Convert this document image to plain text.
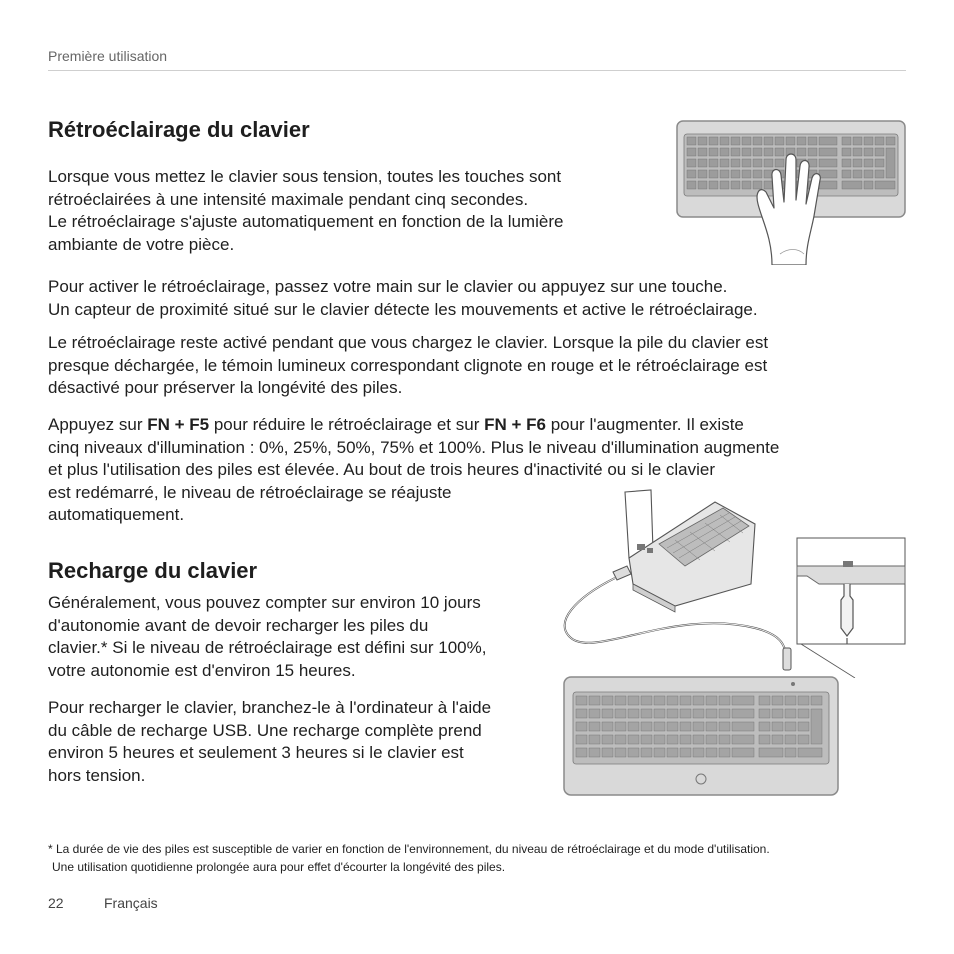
Première utilisation
Rétroéclairage du clavier
Lorsque vous mettez le clavier sous tension, toutes les touches sont
rétroéclairées à une intensité maximale pendant cinq secondes.
Le rétroéclairage s'ajuste automatiquement en fonction de la lumière
ambiante de votre pièce.
Pour activer le rétroéclairage, passez votre main sur le clavier ou appuyez sur une touche.
Un capteur de proximité situé sur le clavier détecte les mouvements et active le rétroéclairage.
Le rétroéclairage reste activé pendant que vous chargez le clavier. Lorsque la pile du clavier est
presque déchargée, le témoin lumineux correspondant clignote en rouge et le rétroéclairage est
désactivé pour préserver la longévité des piles.
Appuyez sur FN + F5 pour réduire le rétroéclairage et sur FN + F6 pour l'augmenter. Il existe
cinq niveaux d'illumination : 0%, 25%, 50%, 75% et 100%. Plus le niveau d'illumination augmente
et plus l'utilisation des piles est élevée. Au bout de trois heures d'inactivité ou si le clavier
est redémarré, le niveau de rétroéclairage se réajuste
automatiquement.
Recharge du clavier
Généralement, vous pouvez compter sur environ 10 jours
d'autonomie avant de devoir recharger les piles du
clavier.* Si le niveau de rétroéclairage est défini sur 100%,
votre autonomie est d'environ 15 heures.
Pour recharger le clavier, branchez-le à l'ordinateur à l'aide
du câble de recharge USB. Une recharge complète prend
environ 5 heures et seulement 3 heures si le clavier est
hors tension.
* La durée de vie des piles est susceptible de varier en fonction de l'environnement, du niveau de rétroéclairage et du mode d'utilisation.
Une utilisation quotidienne prolongée aura pour effet d'écourter la longévité des piles.
22	Français
